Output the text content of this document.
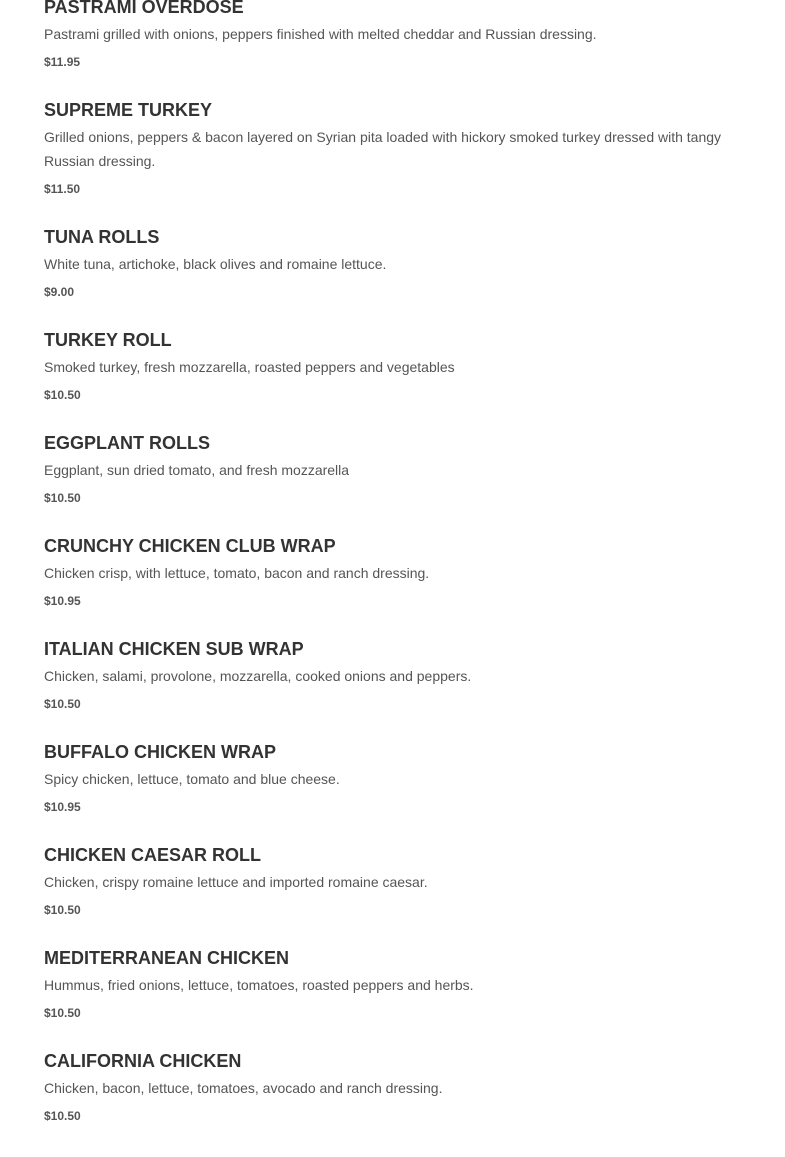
PASTRAMI OVERDOSE

Pastrami grilled with onions, peppers finished with melted cheddar and Russian dressing.

$11.95

SUPREME TURKEY

Grilled onions, peppers & bacon layered on Syrian pita loaded with hickory smoked turkey dressed with tangy Russian dressing.

$11.50

TUNA ROLLS

White tuna, artichoke, black olives and romaine lettuce.

$9.00

TURKEY ROLL

Smoked turkey, fresh mozzarella, roasted peppers and vegetables

$10.50

EGGPLANT ROLLS

Eggplant, sun dried tomato, and fresh mozzarella

$10.50

CRUNCHY CHICKEN CLUB WRAP

Chicken crisp, with lettuce, tomato, bacon and ranch dressing.

$10.95

ITALIAN CHICKEN SUB WRAP

Chicken, salami, provolone, mozzarella, cooked onions and peppers.

$10.50

BUFFALO CHICKEN WRAP

Spicy chicken, lettuce, tomato and blue cheese.

$10.95

CHICKEN CAESAR ROLL

Chicken, crispy romaine lettuce and imported romaine caesar.

$10.50

MEDITERRANEAN CHICKEN

Hummus, fried onions, lettuce, tomatoes, roasted peppers and herbs.

$10.50

CALIFORNIA CHICKEN

Chicken, bacon, lettuce, tomatoes, avocado and ranch dressing.

$10.50
